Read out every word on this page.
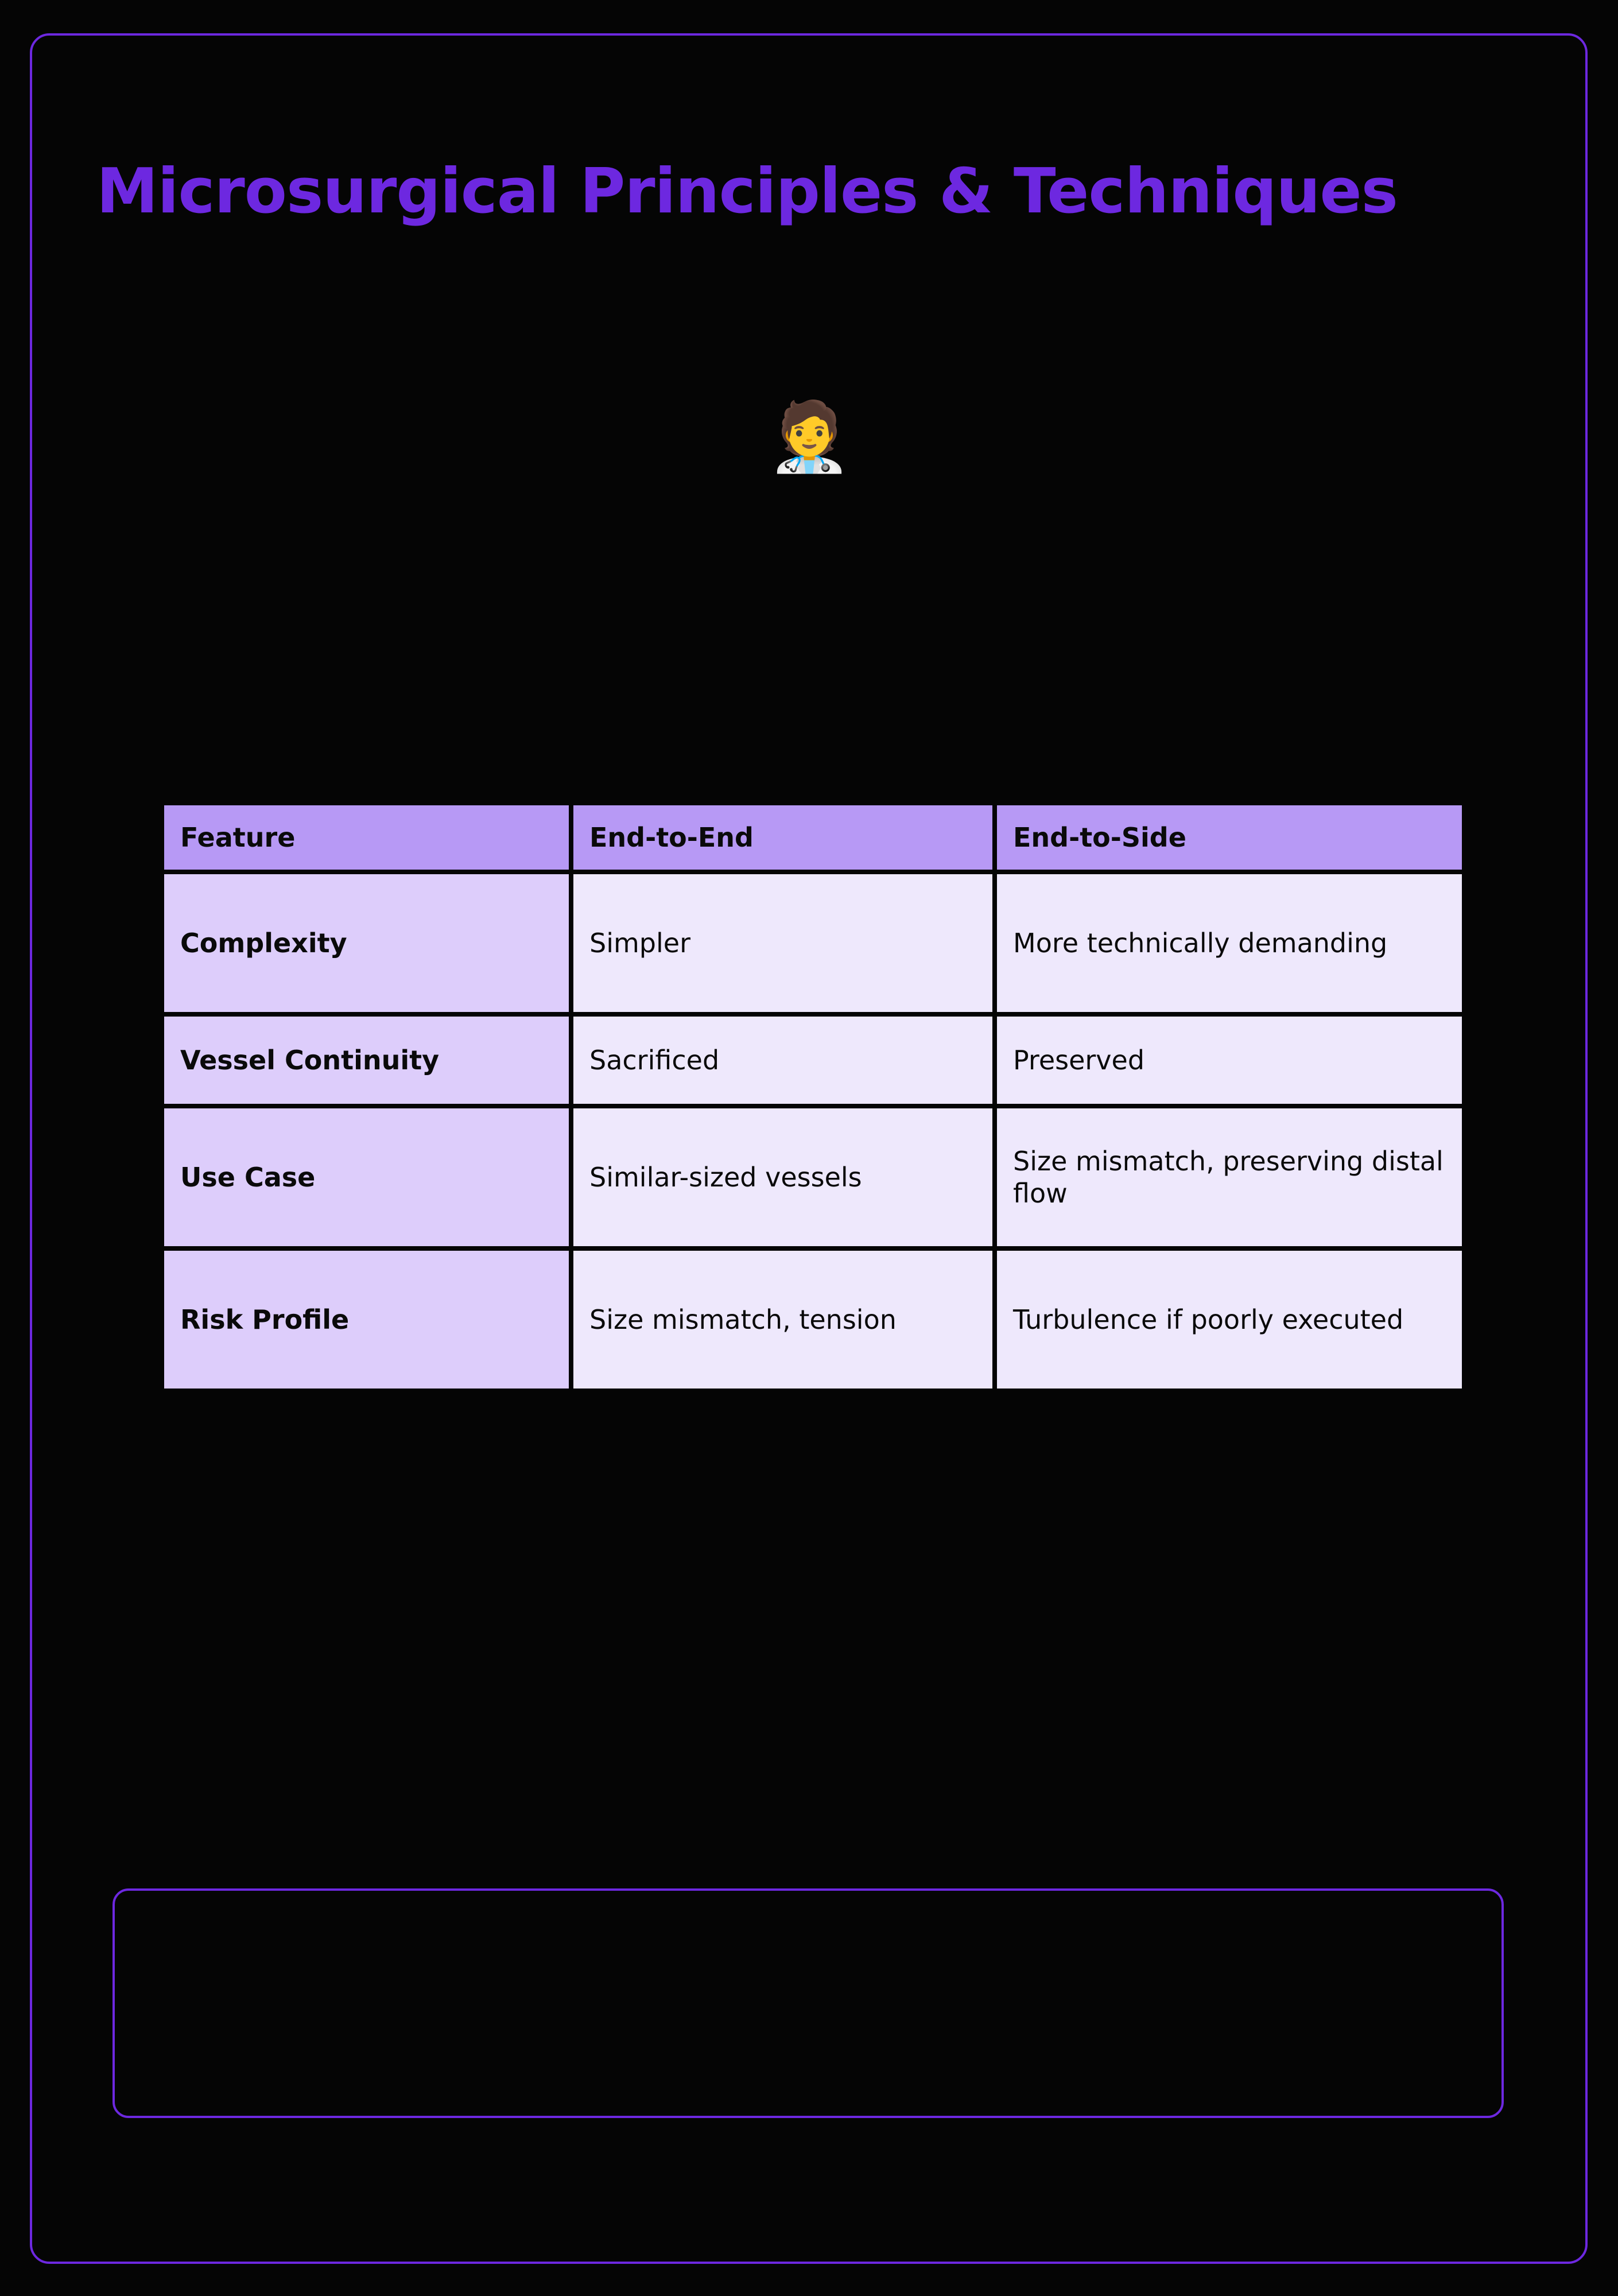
Microsurgical Principles & Techniques
🧑‍⚕️
Feature	End-to-End	End-to-Side
Complexity	Simpler	More technically demanding
Vessel Continuity	Sacrificed	Preserved
Use Case	Similar-sized vessels	Size mismatch, preserving distal flow
Risk Profile	Size mismatch, tension	Turbulence if poorly executed
